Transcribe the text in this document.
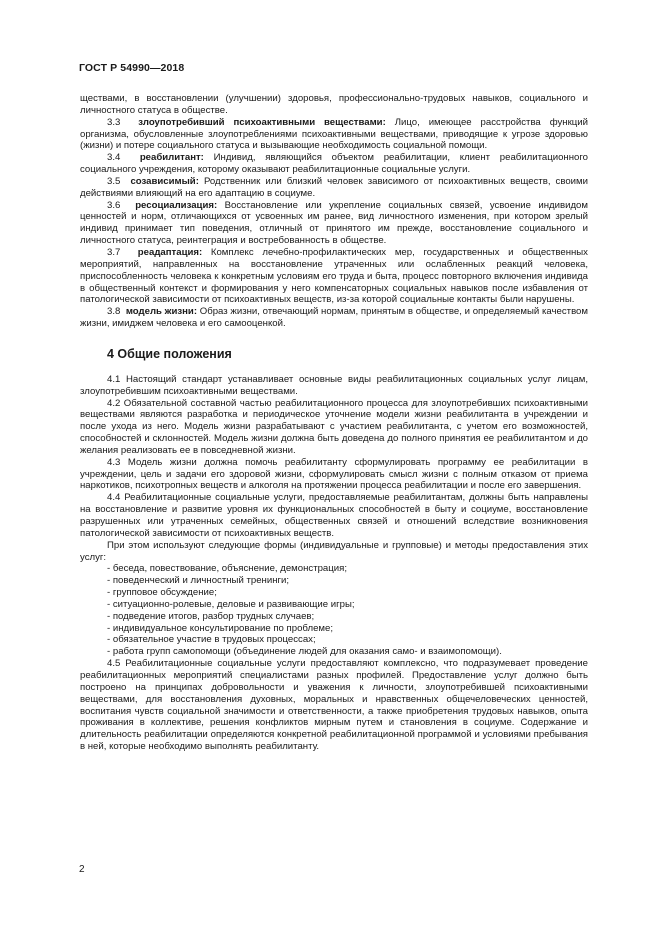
ГОСТ Р 54990—2018

ществами, в восстановлении (улучшении) здоровья, профессионально-трудовых навыков, социального и личностного статуса в обществе.

3.3 злоупотребивший психоактивными веществами: Лицо, имеющее расстройства функций организма, обусловленные злоупотреблениями психоактивными веществами, приводящие к угрозе здоровью (жизни) и потере социального статуса и вызывающие необходимость социальной помощи.

3.4 реабилитант: Индивид, являющийся объектом реабилитации, клиент реабилитационного социального учреждения, которому оказывают реабилитационные социальные услуги.

3.5 созависимый: Родственник или близкий человек зависимого от психоактивных веществ, своими действиями влияющий на его адаптацию в социуме.

3.6 ресоциализация: Восстановление или укрепление социальных связей, усвоение индивидом ценностей и норм, отличающихся от усвоенных им ранее, вид личностного изменения, при котором зрелый индивид принимает тип поведения, отличный от принятого им прежде, восстановление социального и личностного статуса, реинтеграция и востребованность в обществе.

3.7 реадаптация: Комплекс лечебно-профилактических мер, государственных и общественных мероприятий, направленных на восстановление утраченных или ослабленных реакций человека, приспособленность человека к конкретным условиям его труда и быта, процесс повторного включения индивида в общественный контекст и формирования у него компенсаторных социальных навыков после избавления от патологической зависимости от психоактивных веществ, из-за которой социальные контакты были нарушены.

3.8 модель жизни: Образ жизни, отвечающий нормам, принятым в обществе, и определяемый качеством жизни, имиджем человека и его самооценкой.

4 Общие положения

4.1 Настоящий стандарт устанавливает основные виды реабилитационных социальных услуг лицам, злоупотребившим психоактивными веществами.

4.2 Обязательной составной частью реабилитационного процесса для злоупотребивших психоактивными веществами являются разработка и периодическое уточнение модели жизни реабилитанта в учреждении и после ухода из него. Модель жизни разрабатывают с участием реабилитанта, с учетом его возможностей, способностей и склонностей. Модель жизни должна быть доведена до полного принятия ее реабилитантом и до желания реализовать ее в повседневной жизни.

4.3 Модель жизни должна помочь реабилитанту сформулировать программу ее реабилитации в учреждении, цель и задачи его здоровой жизни, сформулировать смысл жизни с полным отказом от приема наркотиков, психотропных веществ и алкоголя на протяжении процесса реабилитации и после его завершения.

4.4 Реабилитационные социальные услуги, предоставляемые реабилитантам, должны быть направлены на восстановление и развитие уровня их функциональных способностей в быту и социуме, восстановление разрушенных или утраченных семейных, общественных связей и отношений вследствие возникновения патологической зависимости от психоактивных веществ.

При этом используют следующие формы (индивидуальные и групповые) и методы предоставления этих услуг:

- беседа, повествование, объяснение, демонстрация;
- поведенческий и личностный тренинги;
- групповое обсуждение;
- ситуационно-ролевые, деловые и развивающие игры;
- подведение итогов, разбор трудных случаев;
- индивидуальное консультирование по проблеме;
- обязательное участие в трудовых процессах;
- работа групп самопомощи (объединение людей для оказания само- и взаимопомощи).

4.5 Реабилитационные социальные услуги предоставляют комплексно, что подразумевает проведение реабилитационных мероприятий специалистами разных профилей. Предоставление услуг должно быть построено на принципах добровольности и уважения к личности, злоупотребившей психоактивными веществами, для восстановления духовных, моральных и нравственных общечеловеческих ценностей, воспитания чувств социальной значимости и ответственности, а также приобретения трудовых навыков, опыта проживания в коллективе, решения конфликтов мирным путем и становления в социуме. Содержание и длительность реабилитации определяются конкретной реабилитационной программой и условиями пребывания в ней, которые необходимо выполнять реабилитанту.

2
